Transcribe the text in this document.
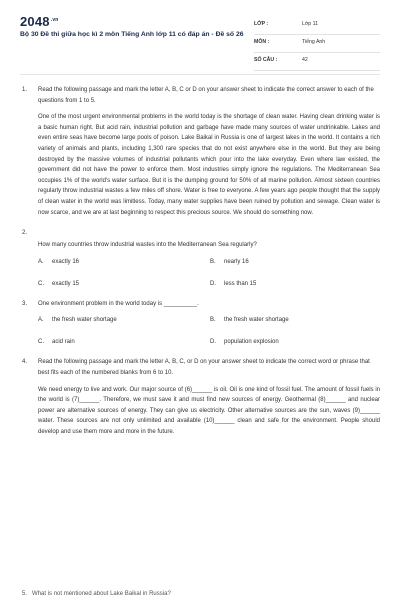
$2048^{.vn}$
Bộ 30 Đề thi giữa học kì 2 môn Tiếng Anh lớp 11 có đáp án - Đề số 26
LỚP :	Lớp 11
MÔN :	Tiếng Anh
SỐ CÂU :	42
1. Read the following passage and mark the letter A, B, C or D on your answer sheet to indicate the correct answer to each of the questions from 1 to 5.
One of the most urgent environmental problems in the world today is the shortage of clean water. Having clean drinking water is a basic human right. But acid rain, industrial pollution and garbage have made many sources of water undrinkable. Lakes and even entire seas have become large pools of poison. Lake Baikal in Russia is one of largest lakes in the world. It contains a rich variety of animals and plants, including 1,300 rare species that do not exist anywhere else in the world. But they are being destroyed by the massive volumes of industrial pollutants which pour into the lake everyday. Even where law existed, the government did not have the power to enforce them. Most industries simply ignore the regulations. The Mediterranean Sea occupies 1% of the world's water surface. But it is the dumping ground for 50% of all marine pollution. Almost sixteen countries regularly throw industrial wastes a few miles off shore. Water is free to everyone. A few years ago people thought that the supply of clean water in the world was limitless. Today, many water supplies have been ruined by pollution and sewage. Clean water is now scarce, and we are at last beginning to respect this precious source. We should do something now.
2.
How many countries throw industrial wastes into the Mediterranean Sea regularly?
A. exactly 16	B. nearly 16
C. exactly 15	D. less than 15
3. One environment problem in the world today is __________.
A. the fresh water shortage	B. the fresh water shortage
C. acid rain	D. population explosion
4. Read the following passage and mark the letter A, B, C, or D on your answer sheet to indicate the correct word or phrase that best fits each of the numbered blanks from 6 to 10.
We need energy to live and work. Our major source of (6)______ is oil. Oil is one kind of fossil fuel. The amount of fossil fuels in the world is (7)______. Therefore, we must save it and must find new sources of energy. Geothermal (8)______ and nuclear power are alternative sources of energy. They can give us electricity. Other alternative sources are the sun, waves (9)______ water. These sources are not only unlimited and available (10)______ clean and safe for the environment. People should develop and use them more and more in the future.
5. What is not mentioned about Lake Baikal in Russia?
